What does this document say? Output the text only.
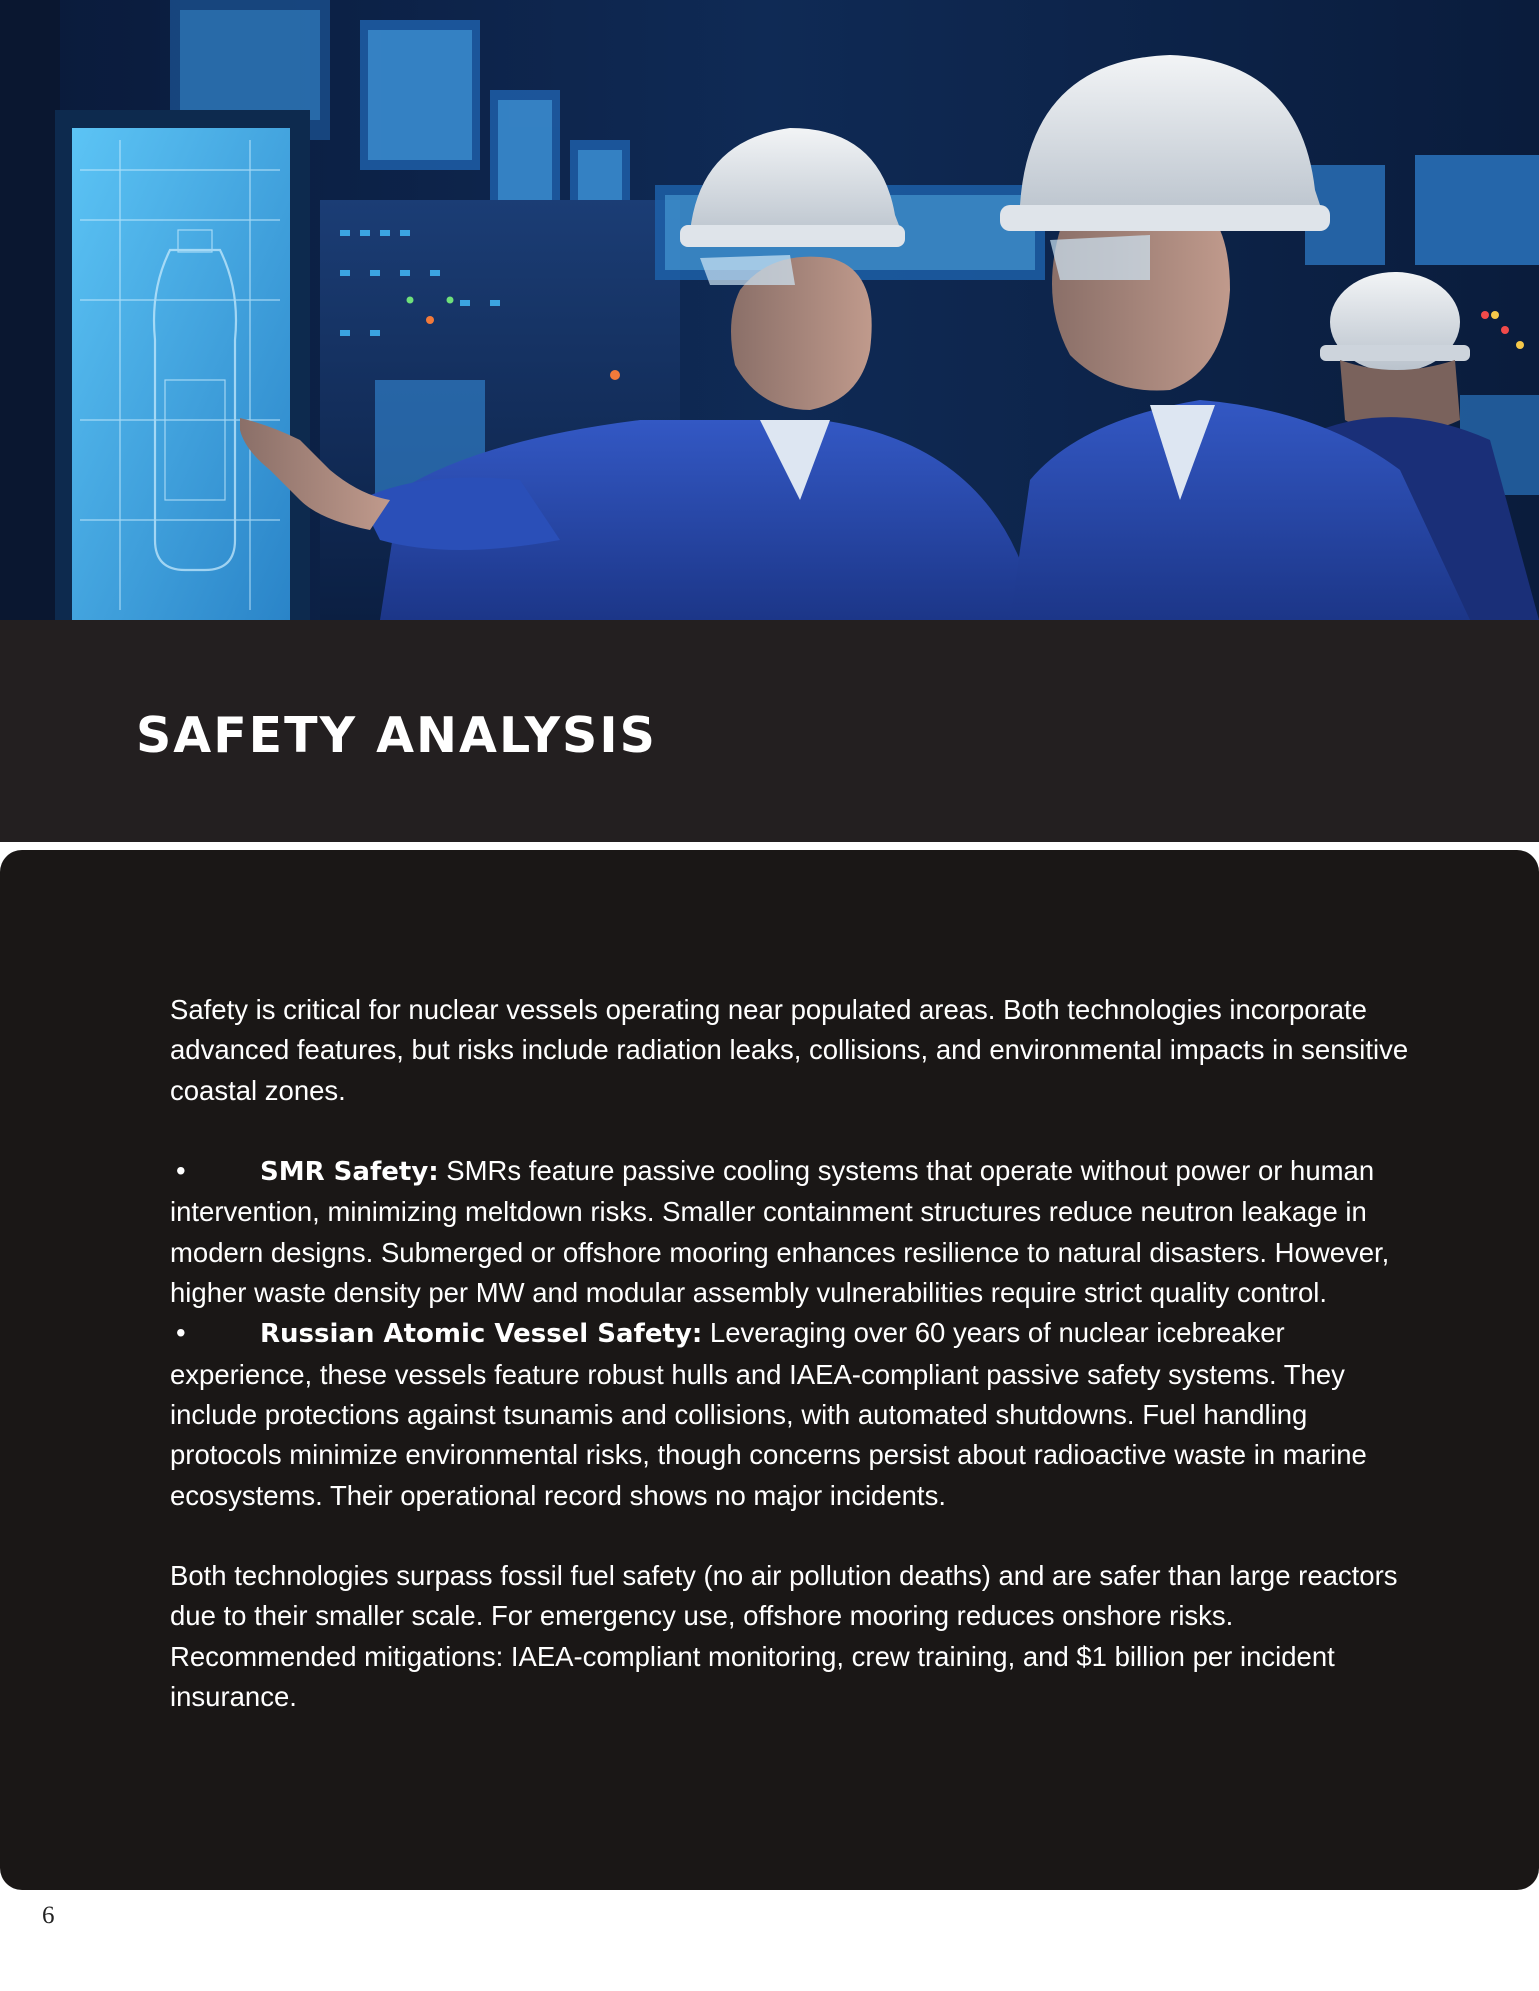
SAFETY ANALYSIS

Safety is critical for nuclear vessels operating near populated areas. Both technologies incorporate advanced features, but risks include radiation leaks, collisions, and environmental impacts in sensitive coastal zones.

•	SMR Safety: SMRs feature passive cooling systems that operate without power or human intervention, minimizing meltdown risks. Smaller containment structures reduce neutron leakage in modern designs. Submerged or offshore mooring enhances resilience to natural disasters. However, higher waste density per MW and modular assembly vulnerabilities require strict quality control.

•	Russian Atomic Vessel Safety: Leveraging over 60 years of nuclear icebreaker experience, these vessels feature robust hulls and IAEA-compliant passive safety systems. They include protections against tsunamis and collisions, with automated shutdowns. Fuel handling protocols minimize environmental risks, though concerns persist about radioactive waste in marine ecosystems. Their operational record shows no major incidents.

Both technologies surpass fossil fuel safety (no air pollution deaths) and are safer than large reactors due to their smaller scale. For emergency use, offshore mooring reduces onshore risks. Recommended mitigations: IAEA-compliant monitoring, crew training, and $1 billion per incident insurance.

6
